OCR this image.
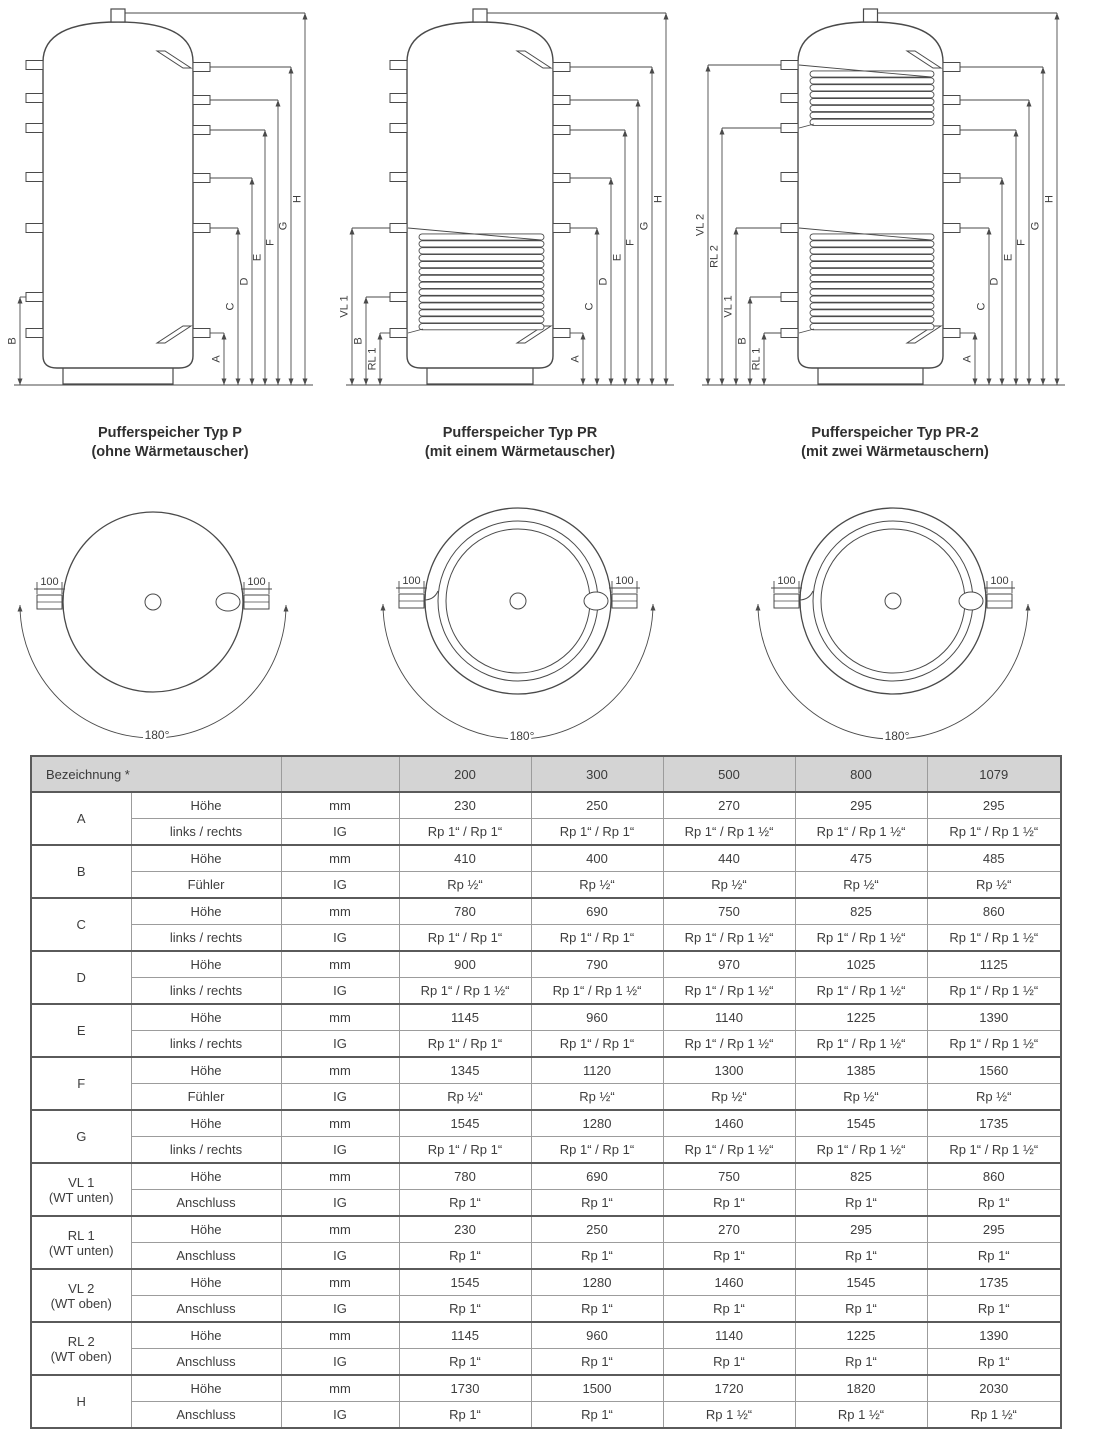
A
C
D
E
F
G
H
B
A
C
D
E
F
G
H
VL 1
B
RL 1	A
C
D
E
F
G
H
VL 2
RL 2
VL 1
B
RL 1
100	100
180°
100	100
180°
100	100
180°
Pufferspeicher Typ P
(ohne Wärmetauscher)
Pufferspeicher Typ PR
(mit einem Wärmetauscher)
Pufferspeicher Typ PR-2
(mit zwei Wärmetauschern)
Bezeichnung *			200	300	500	800	1079

A	Höhe	mm	230	250	270	295	295
	links / rechts	IG	Rp 1“ / Rp 1“	Rp 1“ / Rp 1“	Rp 1“ / Rp 1 ½“	Rp 1“ / Rp 1 ½“	Rp 1“ / Rp 1 ½“

B	Höhe	mm	410	400	440	475	485
	Fühler	IG	Rp ½“	Rp ½“	Rp ½“	Rp ½“	Rp ½“

C	Höhe	mm	780	690	750	825	860
	links / rechts	IG	Rp 1“ / Rp 1“	Rp 1“ / Rp 1“	Rp 1“ / Rp 1 ½“	Rp 1“ / Rp 1 ½“	Rp 1“ / Rp 1 ½“

D	Höhe	mm	900	790	970	1025	1125
	links / rechts	IG	Rp 1“ / Rp 1 ½“	Rp 1“ / Rp 1 ½“	Rp 1“ / Rp 1 ½“	Rp 1“ / Rp 1 ½“	Rp 1“ / Rp 1 ½“

E	Höhe	mm	1145	960	1140	1225	1390
	links / rechts	IG	Rp 1“ / Rp 1“	Rp 1“ / Rp 1“	Rp 1“ / Rp 1 ½“	Rp 1“ / Rp 1 ½“	Rp 1“ / Rp 1 ½“

F	Höhe	mm	1345	1120	1300	1385	1560
	Fühler	IG	Rp ½“	Rp ½“	Rp ½“	Rp ½“	Rp ½“

G	Höhe	mm	1545	1280	1460	1545	1735
	links / rechts	IG	Rp 1“ / Rp 1“	Rp 1“ / Rp 1“	Rp 1“ / Rp 1 ½“	Rp 1“ / Rp 1 ½“	Rp 1“ / Rp 1 ½“

VL 1
(WT unten)	Höhe	mm	780	690	750	825	860
	Anschluss	IG	Rp 1“	Rp 1“	Rp 1“	Rp 1“	Rp 1“

RL 1
(WT unten)	Höhe	mm	230	250	270	295	295
	Anschluss	IG	Rp 1“	Rp 1“	Rp 1“	Rp 1“	Rp 1“

VL 2
(WT oben)	Höhe	mm	1545	1280	1460	1545	1735
	Anschluss	IG	Rp 1“	Rp 1“	Rp 1“	Rp 1“	Rp 1“

RL 2
(WT oben)	Höhe	mm	1145	960	1140	1225	1390
	Anschluss	IG	Rp 1“	Rp 1“	Rp 1“	Rp 1“	Rp 1“

H	Höhe	mm	1730	1500	1720	1820	2030
	Anschluss	IG	Rp 1“	Rp 1“	Rp 1 ½“	Rp 1 ½“	Rp 1 ½“
